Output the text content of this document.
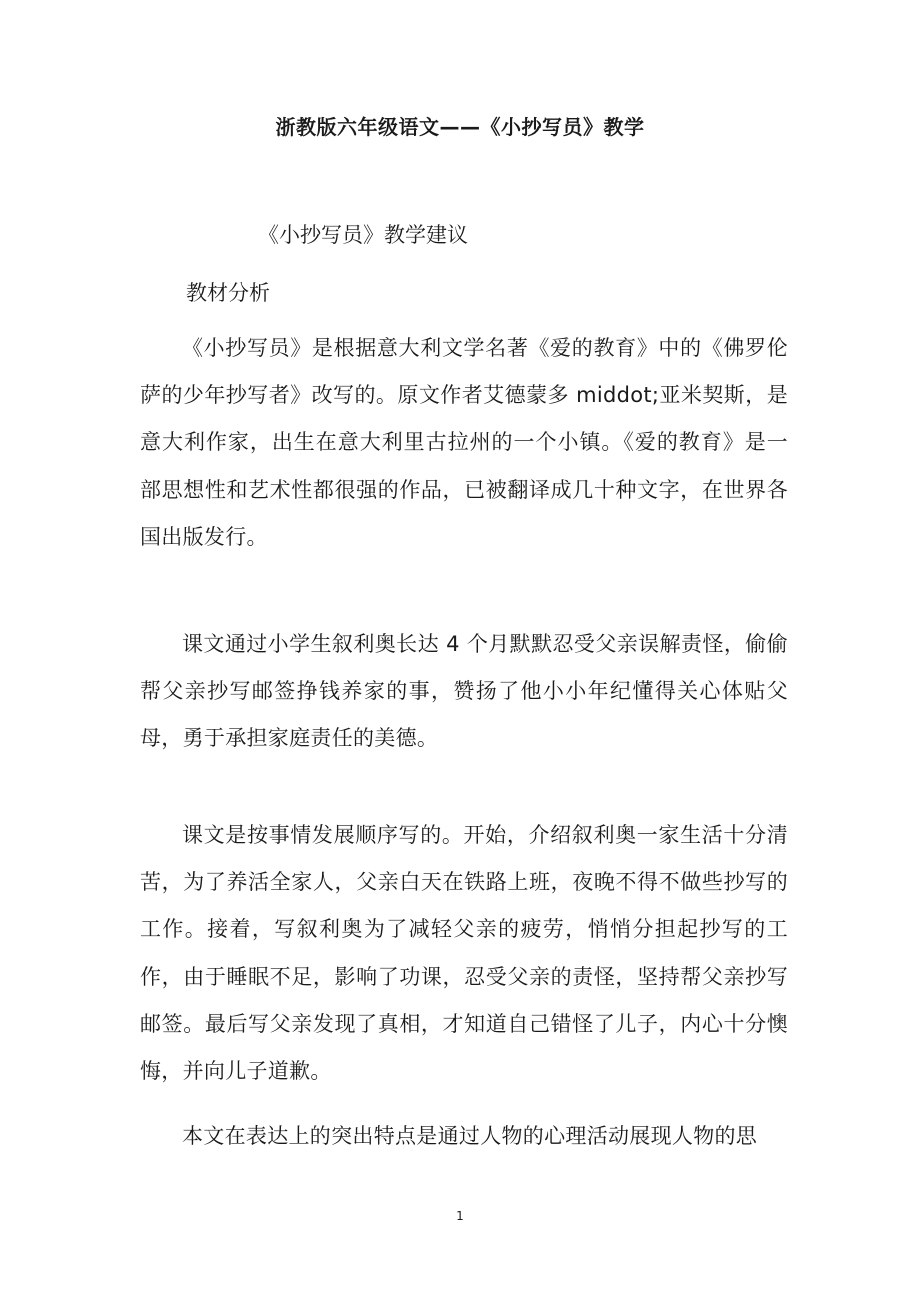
浙教版六年级语文——《小抄写员》教学
《小抄写员》教学建议
教材分析

《小抄写员》是根据意大利文学名著《爱的教育》中的《佛罗伦萨的少年抄写者》改写的。原文作者艾德蒙多 middot;亚米契斯，是意大利作家，出生在意大利里古拉州的一个小镇。《爱的教育》是一部思想性和艺术性都很强的作品，已被翻译成几十种文字，在世界各国出版发行。

课文通过小学生叙利奥长达 4 个月默默忍受父亲误解责怪，偷偷帮父亲抄写邮签挣钱养家的事，赞扬了他小小年纪懂得关心体贴父母，勇于承担家庭责任的美德。

课文是按事情发展顺序写的。开始，介绍叙利奥一家生活十分清苦，为了养活全家人，父亲白天在铁路上班，夜晚不得不做些抄写的工作。接着，写叙利奥为了减轻父亲的疲劳，悄悄分担起抄写的工作，由于睡眠不足，影响了功课，忍受父亲的责怪，坚持帮父亲抄写邮签。最后写父亲发现了真相，才知道自己错怪了儿子，内心十分懊悔，并向儿子道歉。

本文在表达上的突出特点是通过人物的心理活动展现人物的思

1
